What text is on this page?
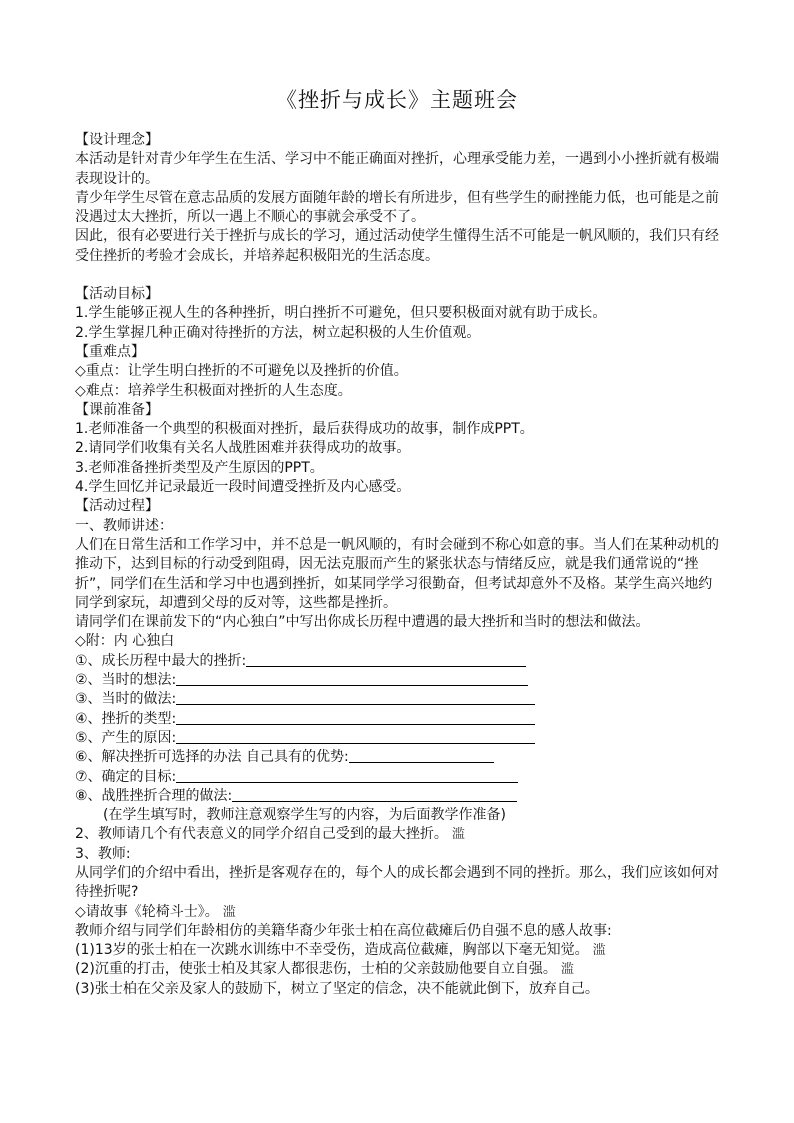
《挫折与成长》主题班会

【设计理念】

本活动是针对青少年学生在生活、学习中不能正确面对挫折，心理承受能力差，一遇到小小挫折就有极端表现设计的。

青少年学生尽管在意志品质的发展方面随年龄的增长有所进步，但有些学生的耐挫能力低，也可能是之前没遇过太大挫折，所以一遇上不顺心的事就会承受不了。

因此，很有必要进行关于挫折与成长的学习，通过活动使学生懂得生活不可能是一帆风顺的，我们只有经受住挫折的考验才会成长，并培养起积极阳光的生活态度。

【活动目标】

1.学生能够正视人生的各种挫折，明白挫折不可避免，但只要积极面对就有助于成长。

2.学生掌握几种正确对待挫折的方法，树立起积极的人生价值观。

【重难点】

◇重点：让学生明白挫折的不可避免以及挫折的价值。

◇难点：培养学生积极面对挫折的人生态度。

【课前准备】

1.老师准备一个典型的积极面对挫折，最后获得成功的故事，制作成PPT。

2.请同学们收集有关名人战胜困难并获得成功的故事。

3.老师准备挫折类型及产生原因的PPT。

4.学生回忆并记录最近一段时间遭受挫折及内心感受。

【活动过程】

一、教师讲述：

人们在日常生活和工作学习中，并不总是一帆风顺的，有时会碰到不称心如意的事。当人们在某种动机的推动下，达到目标的行动受到阻碍，因无法克服而产生的紧张状态与情绪反应，就是我们通常说的“挫折”，同学们在生活和学习中也遇到挫折，如某同学学习很勤奋，但考试却意外不及格。某学生高兴地约同学到家玩，却遭到父母的反对等，这些都是挫折。

请同学们在课前发下的“内心独白”中写出你成长历程中遭遇的最大挫折和当时的想法和做法。

◇附：内 心独白

①、成长历程中最大的挫折:

②、当时的想法:

③、当时的做法:

④、挫折的类型:

⑤、产生的原因:

⑥、解决挫折可选择的办法 自己具有的优势:

⑦、确定的目标:

⑧、战胜挫折合理的做法:

(在学生填写时，教师注意观察学生写的内容，为后面教学作准备)

2、教师请几个有代表意义的同学介绍自己受到的最大挫折。 滥

3、教师:

从同学们的介绍中看出，挫折是客观存在的，每个人的成长都会遇到不同的挫折。那么，我们应该如何对待挫折呢?

◇请故事《轮椅斗士》。 滥

教师介绍与同学们年龄相仿的美籍华裔少年张士柏在高位截瘫后仍自强不息的感人故事:

(1)13岁的张士柏在一次跳水训练中不幸受伤，造成高位截瘫，胸部以下毫无知觉。 滥

(2)沉重的打击，使张士柏及其家人都很悲伤，士柏的父亲鼓励他要自立自强。 滥

(3)张士柏在父亲及家人的鼓励下，树立了坚定的信念，决不能就此倒下，放弃自己。
